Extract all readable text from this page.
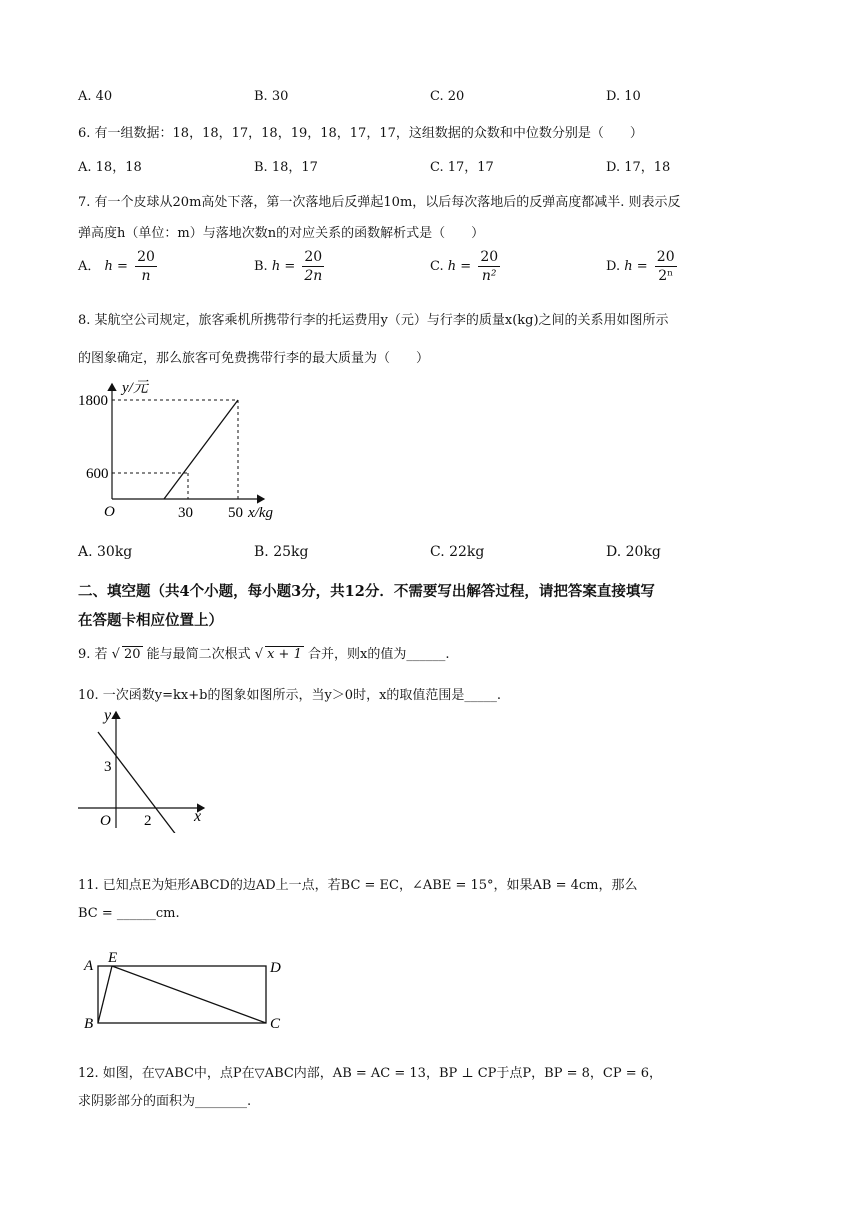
A. 40	B. 30	C. 20	D. 10
6. 有一组数据：18，18，17，18，19，18，17，17，这组数据的众数和中位数分别是（　　）
A. 18，18	B. 18，17	C. 17，17	D. 17，18
7. 有一个皮球从20m高处下落，第一次落地后反弹起10m，以后每次落地后的反弹高度都减半. 则表示反
弹高度h（单位：m）与落地次数n的对应关系的函数解析式是（　　）
A． $h = \frac{20}{n}$	B. $h = \frac{20}{2n}$	C. $h = \frac{20}{\text{n²}}$	D. $h = \frac{20}{\text{2ⁿ}}$
8. 某航空公司规定，旅客乘机所携带行李的托运费用y（元）与行李的质量x(kg)之间的关系用如图所示
的图象确定，那么旅客可免费携带行李的最大质量为（　　）
y/元
1800
600
O	30 50 x/kg
A. 30kg	B. 25kg	C. 22kg	D. 20kg
二、填空题（共4个小题，每小题3分，共12分．不需要写出解答过程，请把答案直接填写
在答题卡相应位置上）
9. 若 √ 20 能与最简二次根式 √ x + 1 合并，则x的值为______.
10. 一次函数y=kx+b的图象如图所示，当y＞0时，x的取值范围是_____.
y
3
O 2	x
11. 已知点E为矩形ABCD的边AD上一点，若BC = EC，∠ABE = 15°，如果AB = 4cm，那么
BC = ______cm.
A E
D
B	C
12. 如图，在▽ABC中，点P在▽ABC内部，AB = AC = 13，BP ⊥ CP于点P，BP = 8，CP = 6，
求阴影部分的面积为________.
